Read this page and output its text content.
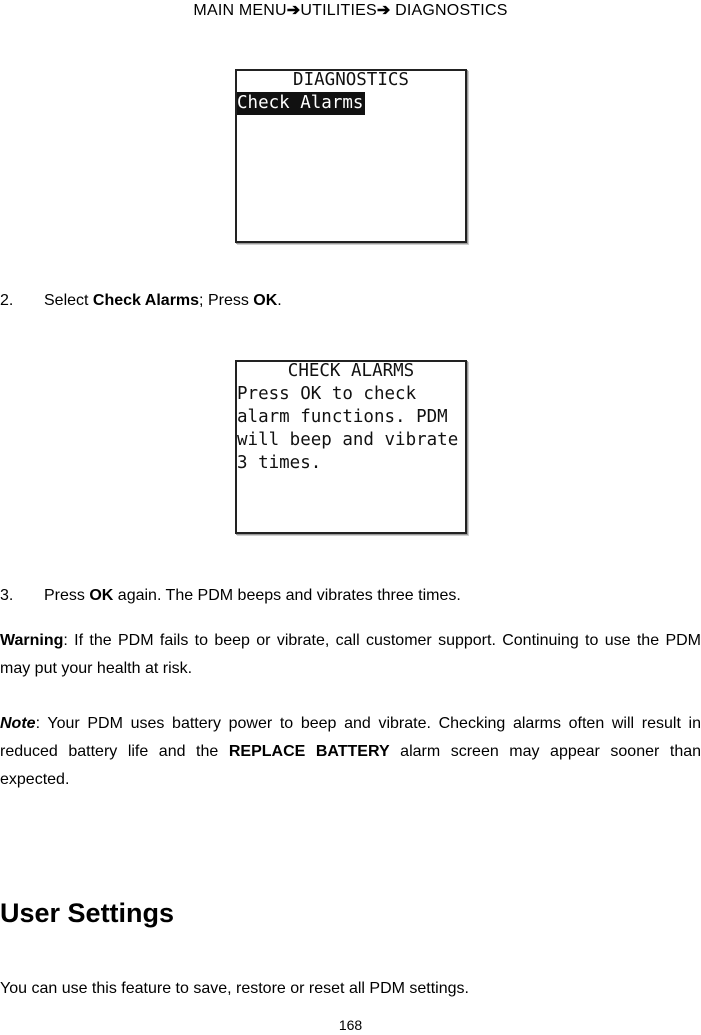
MAIN MENU➔UTILITIES➔ DIAGNOSTICS
DIAGNOSTICS
Check Alarms
2. Select Check Alarms; Press OK.
CHECK ALARMS
Press OK to check
alarm functions. PDM
will beep and vibrate
3 times.
3. Press OK again. The PDM beeps and vibrates three times.
Warning: If the PDM fails to beep or vibrate, call customer support. Continuing to use the PDM may put your health at risk.
Note: Your PDM uses battery power to beep and vibrate. Checking alarms often will result in reduced battery life and the REPLACE BATTERY alarm screen may appear sooner than expected.
User Settings
You can use this feature to save, restore or reset all PDM settings.
168
